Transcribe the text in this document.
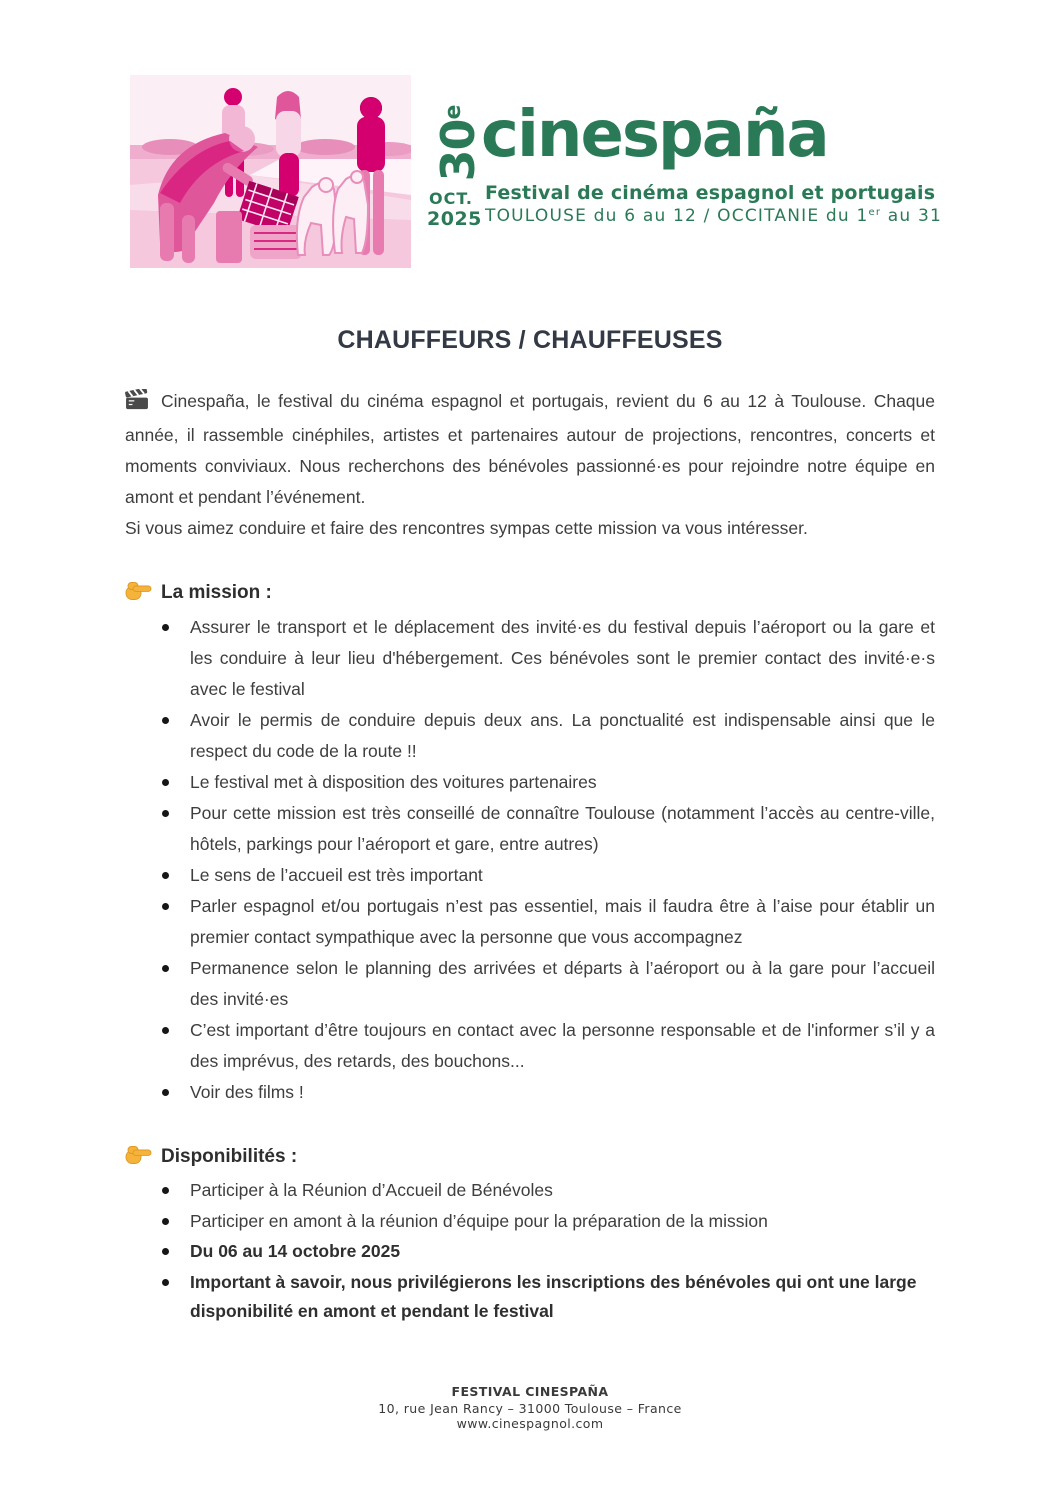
30e
OCT.
2025
cinespaña
Festival de cinéma espagnol et portugais
TOULOUSE du 6 au 12 / OCCITANIE du 1er au 31
CHAUFFEURS / CHAUFFEUSES

Cinespaña, le festival du cinéma espagnol et portugais, revient du 6 au 12 à Toulouse. Chaque année, il rassemble cinéphiles, artistes et partenaires autour de projections, rencontres, concerts et moments conviviaux. Nous recherchons des bénévoles passionné·es pour rejoindre notre équipe en amont et pendant l’événement.

Si vous aimez conduire et faire des rencontres sympas cette mission va vous intéresser.

La mission :
Assurer le transport et le déplacement des invité·es du festival depuis l’aéroport ou la gare et les conduire à leur lieu d'hébergement. Ces bénévoles sont le premier contact des invité·e·s avec le festival
Avoir le permis de conduire depuis deux ans. La ponctualité est indispensable ainsi que le respect du code de la route !!
Le festival met à disposition des voitures partenaires
Pour cette mission est très conseillé de connaître Toulouse (notamment l’accès au centre-ville, hôtels, parkings pour l’aéroport et gare, entre autres)
Le sens de l’accueil est très important
Parler espagnol et/ou portugais n’est pas essentiel, mais il faudra être à l’aise pour établir un premier contact sympathique avec la personne que vous accompagnez
Permanence selon le planning des arrivées et départs à l’aéroport ou à la gare pour l’accueil des invité·es
C’est important d’être toujours en contact avec la personne responsable et de l'informer s’il y a des imprévus, des retards, des bouchons...
Voir des films !
Disponibilités :
Participer à la Réunion d’Accueil de Bénévoles
Participer en amont à la réunion d’équipe pour la préparation de la mission
Du 06 au 14 octobre 2025
Important à savoir, nous privilégierons les inscriptions des bénévoles qui ont une large disponibilité en amont et pendant le festival
FESTIVAL CINESPAÑA
10, rue Jean Rancy – 31000 Toulouse – France
www.cinespagnol.com
